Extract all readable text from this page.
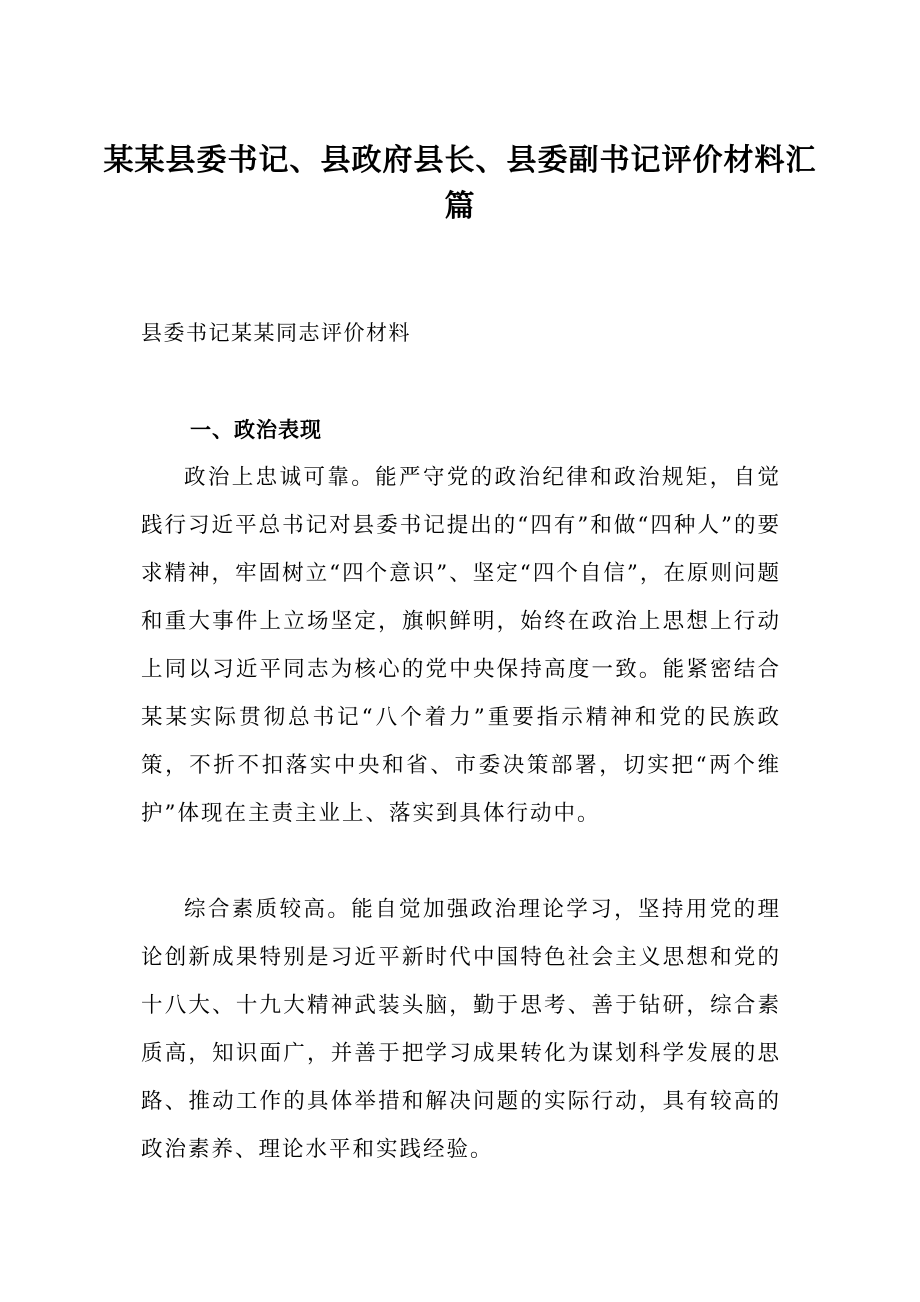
某某县委书记、县政府县长、县委副书记评价材料汇篇
县委书记某某同志评价材料
一、政治表现

政治上忠诚可靠。能严守党的政治纪律和政治规矩，自觉践行习近平总书记对县委书记提出的“四有”和做“四种人”的要求精神，牢固树立“四个意识”、坚定“四个自信”，在原则问题和重大事件上立场坚定，旗帜鲜明，始终在政治上思想上行动上同以习近平同志为核心的党中央保持高度一致。能紧密结合某某实际贯彻总书记“八个着力”重要指示精神和党的民族政策，不折不扣落实中央和省、市委决策部署，切实把“两个维护”体现在主责主业上、落实到具体行动中。

综合素质较高。能自觉加强政治理论学习，坚持用党的理论创新成果特别是习近平新时代中国特色社会主义思想和党的十八大、十九大精神武装头脑，勤于思考、善于钻研，综合素质高，知识面广，并善于把学习成果转化为谋划科学发展的思路、推动工作的具体举措和解决问题的实际行动，具有较高的政治素养、理论水平和实践经验。
